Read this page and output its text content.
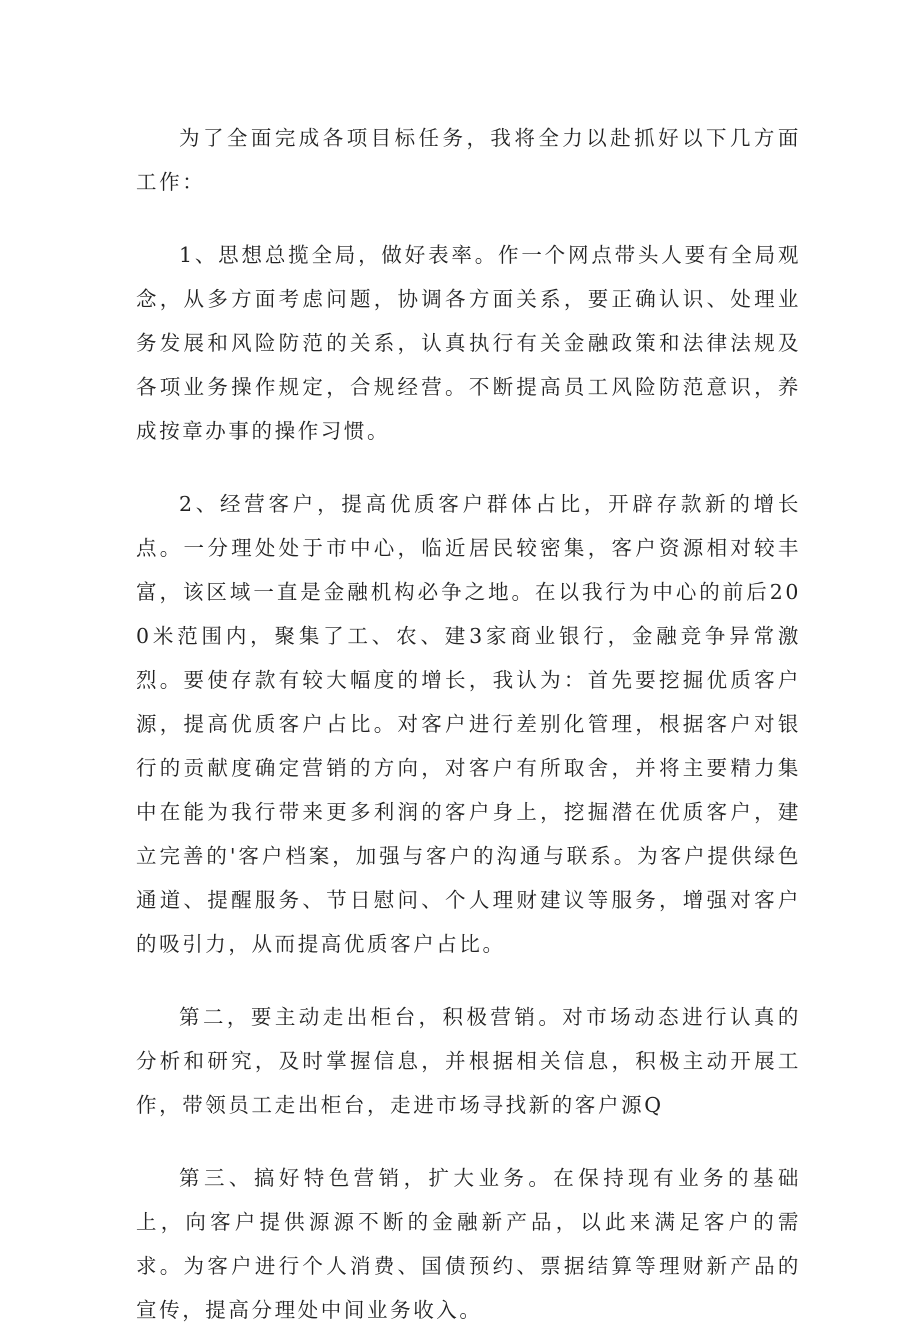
为了全面完成各项目标任务，我将全力以赴抓好以下几方面工作：

1、思想总揽全局，做好表率。作一个网点带头人要有全局观念，从多方面考虑问题，协调各方面关系，要正确认识、处理业务发展和风险防范的关系，认真执行有关金融政策和法律法规及各项业务操作规定，合规经营。不断提高员工风险防范意识，养成按章办事的操作习惯。

2、经营客户，提高优质客户群体占比，开辟存款新的增长点。一分理处处于市中心，临近居民较密集，客户资源相对较丰富，该区域一直是金融机构必争之地。在以我行为中心的前后200米范围内，聚集了工、农、建3家商业银行，金融竞争异常激烈。要使存款有较大幅度的增长，我认为：首先要挖掘优质客户源，提高优质客户占比。对客户进行差别化管理，根据客户对银行的贡献度确定营销的方向，对客户有所取舍，并将主要精力集中在能为我行带来更多利润的客户身上，挖掘潜在优质客户，建立完善的'客户档案，加强与客户的沟通与联系。为客户提供绿色通道、提醒服务、节日慰问、个人理财建议等服务，增强对客户的吸引力，从而提高优质客户占比。

第二，要主动走出柜台，积极营销。对市场动态进行认真的分析和研究，及时掌握信息，并根据相关信息，积极主动开展工作，带领员工走出柜台，走进市场寻找新的客户源Q

第三、搞好特色营销，扩大业务。在保持现有业务的基础上，向客户提供源源不断的金融新产品，以此来满足客户的需求。为客户进行个人消费、国债预约、票据结算等理财新产品的宣传，提高分理处中间业务收入。
